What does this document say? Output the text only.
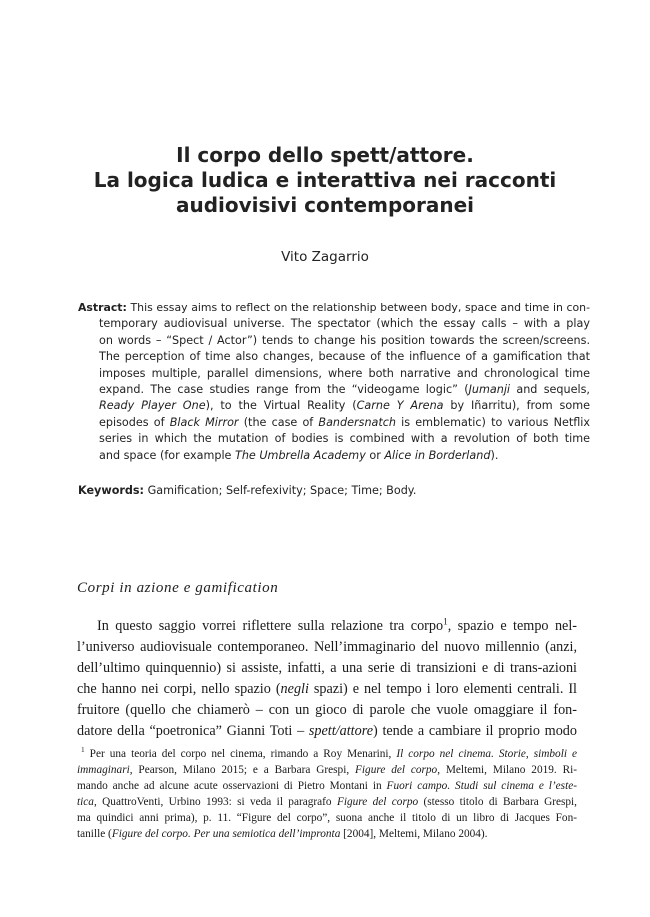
Il corpo dello spett/attore.
La logica ludica e interattiva nei racconti
audiovisivi contemporanei
Vito Zagarrio
Astract: This essay aims to reflect on the relationship between body, space and time in con-
temporary audiovisual universe. The spectator (which the essay calls – with a play
on words – “Spect / Actor”) tends to change his position towards the screen/screens.
The perception of time also changes, because of the influence of a gamification that
imposes multiple, parallel dimensions, where both narrative and chronological time
expand. The case studies range from the “videogame logic” (Jumanji and sequels,
Ready Player One), to the Virtual Reality (Carne Y Arena by Iñarritu), from some
episodes of Black Mirror (the case of Bandersnatch is emblematic) to various Netflix
series in which the mutation of bodies is combined with a revolution of both time
and space (for example The Umbrella Academy or Alice in Borderland).
Keywords: Gamification; Self-refexivity; Space; Time; Body.
Corpi in azione e gamification
In questo saggio vorrei riflettere sulla relazione tra corpo$^1$, spazio e tempo nel-
l’universo audiovisuale contemporaneo. Nell’immaginario del nuovo millennio (anzi,
dell’ultimo quinquennio) si assiste, infatti, a una serie di transizioni e di trans-azioni
che hanno nei corpi, nello spazio (negli spazi) e nel tempo i loro elementi centrali. Il
fruitore (quello che chiamerò – con un gioco di parole che vuole omaggiare il fon-
datore della “poetronica” Gianni Toti – spett/attore) tende a cambiare il proprio modo
$^1$ Per una teoria del corpo nel cinema, rimando a Roy Menarini, Il corpo nel cinema. Storie, simboli e
immaginari, Pearson, Milano 2015; e a Barbara Grespi, Figure del corpo, Meltemi, Milano 2019. Ri-
mando anche ad alcune acute osservazioni di Pietro Montani in Fuori campo. Studi sul cinema e l’este-
tica, QuattroVenti, Urbino 1993: si veda il paragrafo Figure del corpo (stesso titolo di Barbara Grespi,
ma quindici anni prima), p. 11. “Figure del corpo”, suona anche il titolo di un libro di Jacques Fon-
tanille (Figure del corpo. Per una semiotica dell’impronta [2004], Meltemi, Milano 2004).
